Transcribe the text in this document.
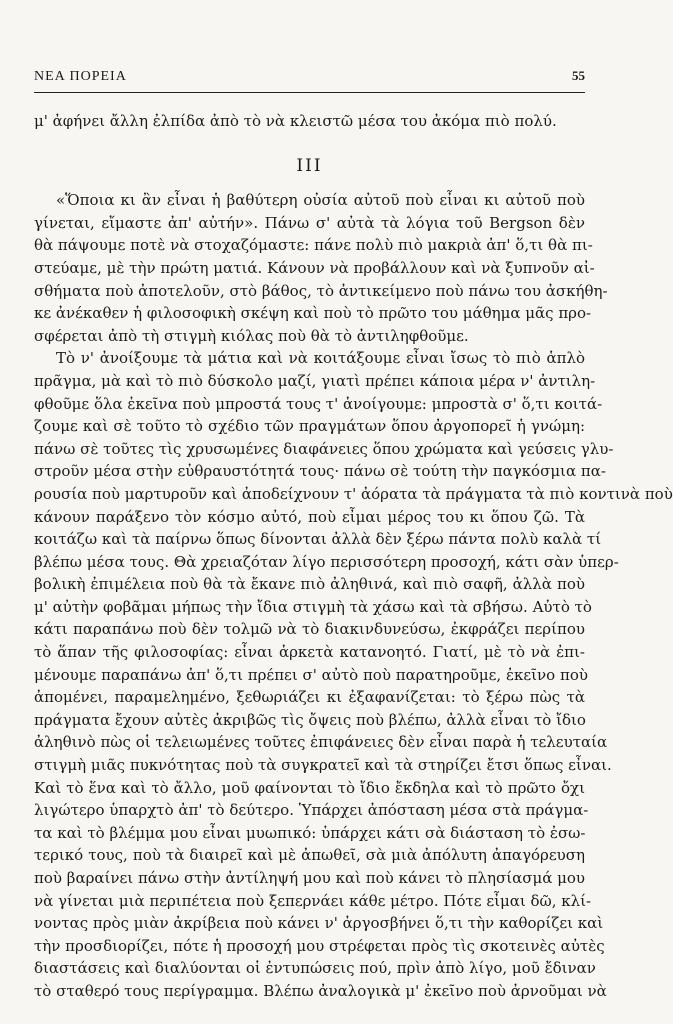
ΝΕΑ ΠΟΡΕΙΑ	55
μ' ἀφήνει ἄλλη ἐλπίδα ἀπὸ τὸ νὰ κλειστῶ μέσα του ἀκόμα πιὸ πολύ.
III
«Ὅποια κι ἂν εἶναι ἡ βαθύτερη οὐσία αὐτοῦ ποὺ εἶναι κι αὐτοῦ ποὺ
γίνεται, εἴμαστε ἀπ' αὐτήν». Πάνω σ' αὐτὰ τὰ λόγια τοῦ Bergson δὲν
θὰ πάψουμε ποτὲ νὰ στοχαζόμαστε: πάνε πολὺ πιὸ μακριὰ ἀπ' ὅ,τι θὰ πι-
στεύαμε, μὲ τὴν πρώτη ματιά. Κάνουν νὰ προβάλλουν καὶ νὰ ξυπνοῦν αἰ-
σθήματα ποὺ ἀποτελοῦν, στὸ βάθος, τὸ ἀντικείμενο ποὺ πάνω του ἀσκήθη-
κε ἀνέκαθεν ἡ φιλοσοφικὴ σκέψη καὶ ποὺ τὸ πρῶτο του μάθημα μᾶς προ-
σφέρεται ἀπὸ τὴ στιγμὴ κιόλας ποὺ θὰ τὸ ἀντιληφθοῦμε.
Τὸ ν' ἀνοίξουμε τὰ μάτια καὶ νὰ κοιτάξουμε εἶναι ἴσως τὸ πιὸ ἁπλὸ
πρᾶγμα, μὰ καὶ τὸ πιὸ δύσκολο μαζί, γιατὶ πρέπει κάποια μέρα ν' ἀντιλη-
φθοῦμε ὅλα ἐκεῖνα ποὺ μπροστά τους τ' ἀνοίγουμε: μπροστὰ σ' ὅ,τι κοιτά-
ζουμε καὶ σὲ τοῦτο τὸ σχέδιο τῶν πραγμάτων ὅπου ἀργοπορεῖ ἡ γνώμη:
πάνω σὲ τοῦτες τὶς χρυσωμένες διαφάνειες ὅπου χρώματα καὶ γεύσεις γλυ-
στροῦν μέσα στὴν εὐθραυστότητά τους· πάνω σὲ τούτη τὴν παγκόσμια πα-
ρουσία ποὺ μαρτυροῦν καὶ ἀποδείχνουν τ' ἀόρατα τὰ πράγματα τὰ πιὸ κοντινὰ ποὺ
κάνουν παράξενο τὸν κόσμο αὐτό, ποὺ εἶμαι μέρος του κι ὅπου ζῶ. Τὰ
κοιτάζω καὶ τὰ παίρνω ὅπως δίνονται ἀλλὰ δὲν ξέρω πάντα πολὺ καλὰ τί
βλέπω μέσα τους. Θὰ χρειαζόταν λίγο περισσότερη προσοχή, κάτι σὰν ὑπερ-
βολικὴ ἐπιμέλεια ποὺ θὰ τὰ ἔκανε πιὸ ἀληθινά, καὶ πιὸ σαφῆ, ἀλλὰ ποὺ
μ' αὐτὴν φοβᾶμαι μήπως τὴν ἴδια στιγμὴ τὰ χάσω καὶ τὰ σβήσω. Αὐτὸ τὸ
κάτι παραπάνω ποὺ δὲν τολμῶ νὰ τὸ διακινδυνεύσω, ἐκφράζει περίπου
τὸ ἅπαν τῆς φιλοσοφίας: εἶναι ἀρκετὰ κατανοητό. Γιατί, μὲ τὸ νὰ ἐπι-
μένουμε παραπάνω ἀπ' ὅ,τι πρέπει σ' αὐτὸ ποὺ παρατηροῦμε, ἐκεῖνο ποὺ
ἀπομένει, παραμελημένο, ξεθωριάζει κι ἐξαφανίζεται: τὸ ξέρω πὼς τὰ
πράγματα ἔχουν αὐτὲς ἀκριβῶς τὶς ὄψεις ποὺ βλέπω, ἀλλὰ εἶναι τὸ ἴδιο
ἀληθινὸ πὼς οἱ τελειωμένες τοῦτες ἐπιφάνειες δὲν εἶναι παρὰ ἡ τελευταία
στιγμὴ μιᾶς πυκνότητας ποὺ τὰ συγκρατεῖ καὶ τὰ στηρίζει ἔτσι ὅπως εἶναι.
Καὶ τὸ ἕνα καὶ τὸ ἄλλο, μοῦ φαίνονται τὸ ἴδιο ἔκδηλα καὶ τὸ πρῶτο ὄχι
λιγώτερο ὑπαρχτὸ ἀπ' τὸ δεύτερο. Ὑπάρχει ἀπόσταση μέσα στὰ πράγμα-
τα καὶ τὸ βλέμμα μου εἶναι μυωπικό: ὑπάρχει κάτι σὰ διάσταση τὸ ἐσω-
τερικό τους, ποὺ τὰ διαιρεῖ καὶ μὲ ἀπωθεῖ, σὰ μιὰ ἀπόλυτη ἀπαγόρευση
ποὺ βαραίνει πάνω στὴν ἀντίληψή μου καὶ ποὺ κάνει τὸ πλησίασμά μου
νὰ γίνεται μιὰ περιπέτεια ποὺ ξεπερνάει κάθε μέτρο. Πότε εἶμαι δῶ, κλί-
νοντας πρὸς μιὰν ἀκρίβεια ποὺ κάνει ν' ἀργοσβήνει ὅ,τι τὴν καθορίζει καὶ
τὴν προσδιορίζει, πότε ἡ προσοχή μου στρέφεται πρὸς τὶς σκοτεινὲς αὐτὲς
διαστάσεις καὶ διαλύονται οἱ ἐντυπώσεις πού, πρὶν ἀπὸ λίγο, μοῦ ἔδιναν
τὸ σταθερό τους περίγραμμα. Βλέπω ἀναλογικὰ μ' ἐκεῖνο ποὺ ἀρνοῦμαι νὰ
